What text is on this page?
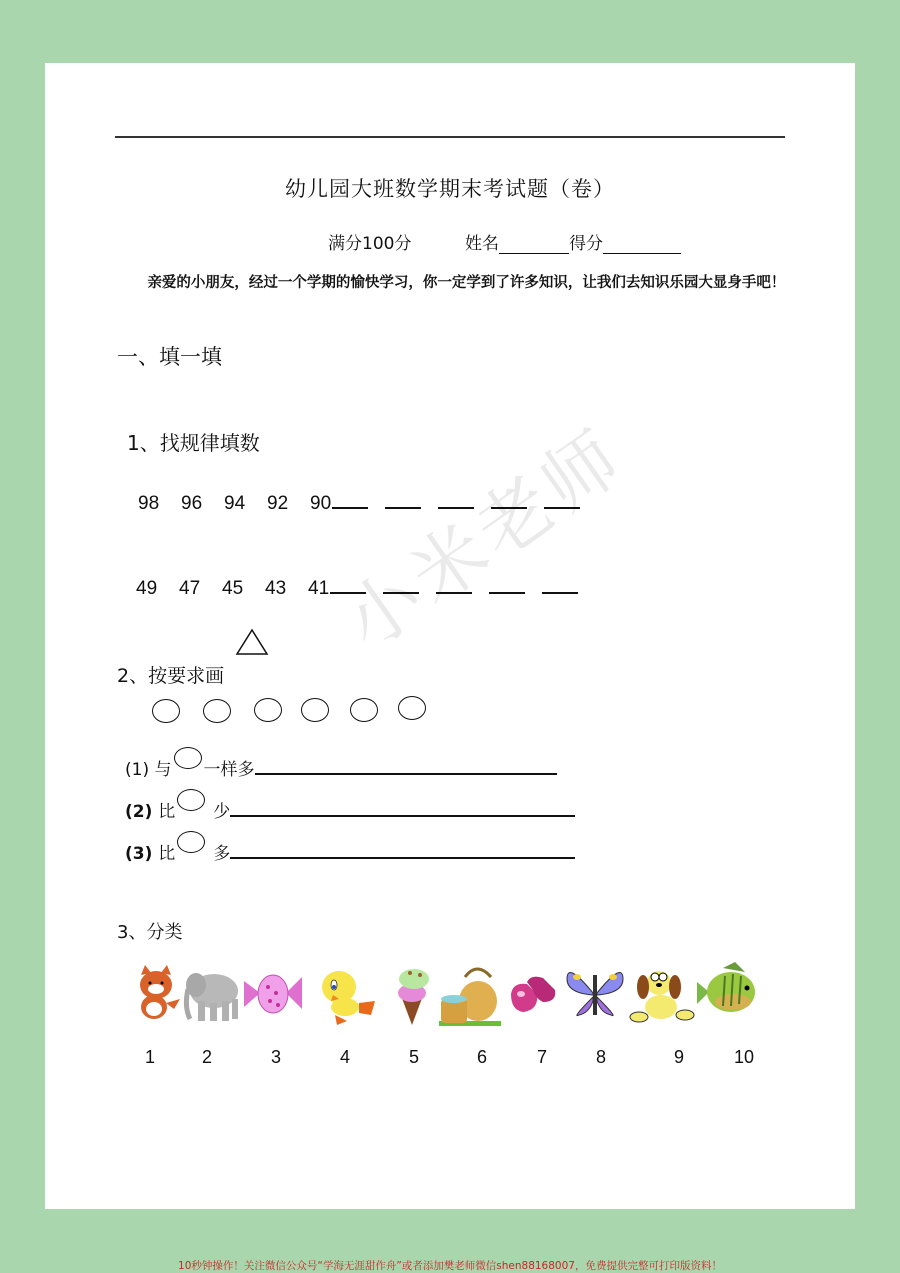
幼儿园大班数学期末考试题（卷）
满分100分	姓名	得分
亲爱的小朋友，经过一个学期的愉快学习，你一定学到了许多知识，让我们去知识乐园大显身手吧！
一、填一填
1、找规律填数
98 96 94 92 90
49 47 45 43 41
2、按要求画
(1) 与 一样多
(2) 比 少
(3) 比 多
3、分类
1	2	3	4	5	6	7	8	9	10
小米老师
10秒钟操作！关注微信公众号“学海无涯甜作舟”或者添加樊老师微信shen88168007，免费提供完整可打印版资料！
